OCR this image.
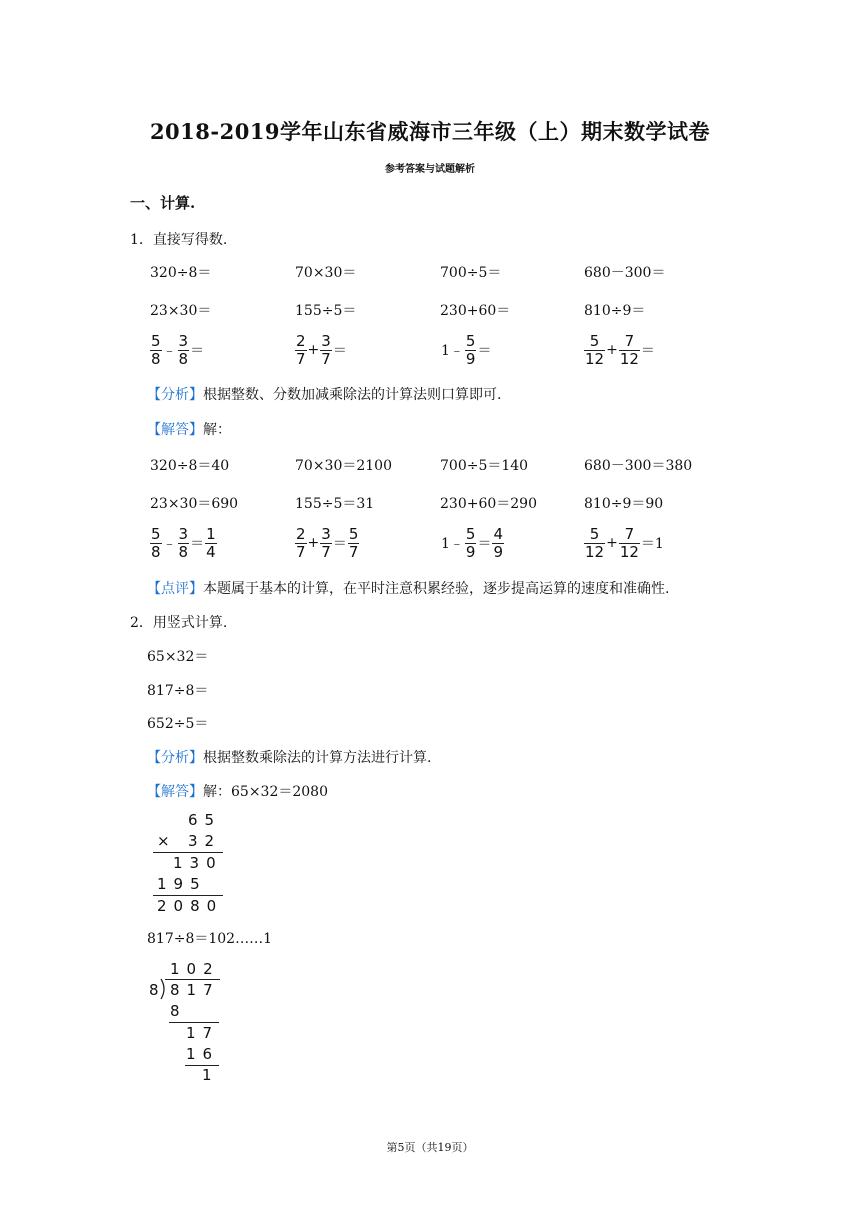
2018-2019学年山东省威海市三年级（上）期末数学试卷
参考答案与试题解析
一、计算.
1．直接写得数.
320÷8＝	70×30＝	700÷5＝	680－300＝
23×30＝	155÷5＝	230+60＝	810÷9＝
$\frac{5}{8}$ ﹣ $\frac{3}{8}$ ＝	$\frac{2}{7} + \frac{3}{7}$ ＝	1﹣ $\frac{5}{9}$ ＝	$\frac{5}{12} + \frac{7}{12}$ ＝
【分析】根据整数、分数加减乘除法的计算法则口算即可.
【解答】解：
320÷8＝40	70×30＝2100	700÷5＝140	680－300＝380
23×30＝690	155÷5＝31	230+60＝290	810÷9＝90
$\frac{5}{8}$ ﹣ $\frac{3}{8} = \frac{1}{4}$	$\frac{2}{7} + \frac{3}{7} = \frac{5}{7}$	1﹣ $\frac{5}{9} = \frac{4}{9}$	$\frac{5}{12} + \frac{7}{12} =1$
【点评】本题属于基本的计算，在平时注意积累经验，逐步提高运算的速度和准确性.
2．用竖式计算.
65×32＝
817÷8＝
652÷5＝
【分析】根据整数乘除法的计算方法进行计算.
【解答】解：65×32＝2080
65
× 32
130
195
2080
817÷8＝102……1
102
8 817
8
17
16
1
第5页（共19页）
